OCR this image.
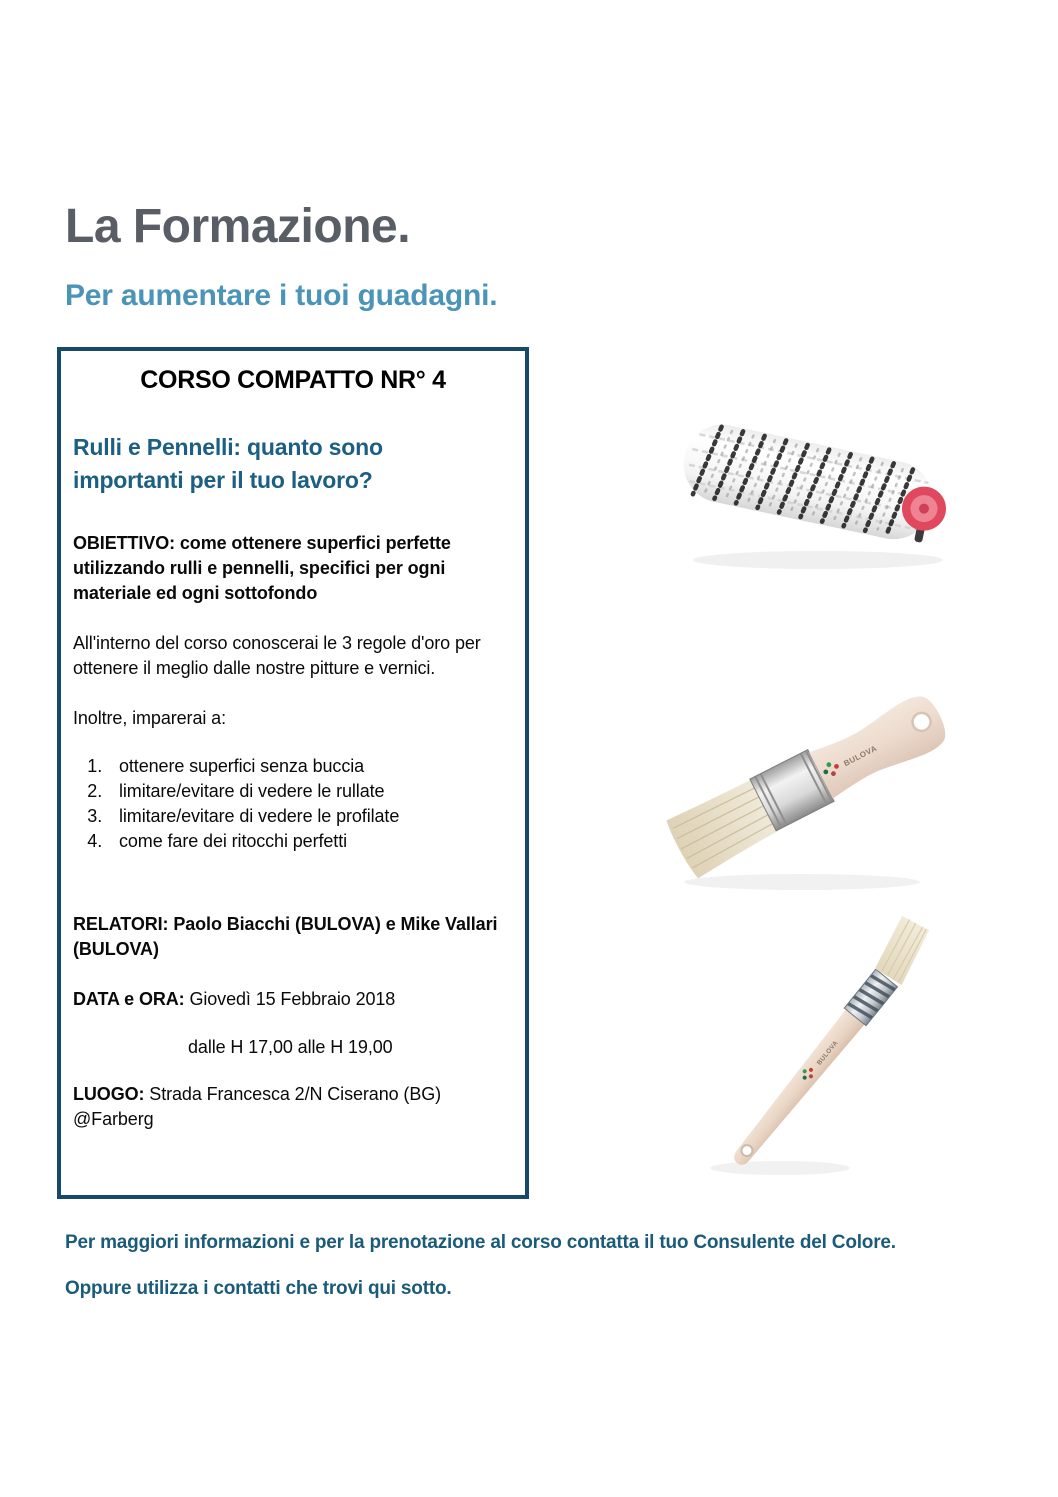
La Formazione.
Per aumentare i tuoi guadagni.
CORSO COMPATTO NR° 4
Rulli e Pennelli: quanto sono importanti per il tuo lavoro?

OBIETTIVO: come ottenere superfici perfette utilizzando rulli e pennelli, specifici per ogni materiale ed ogni sottofondo

All'interno del corso conoscerai le 3 regole d'oro per ottenere il meglio dalle nostre pitture e vernici.

Inoltre, imparerai a:

1. ottenere superfici senza buccia
2. limitare/evitare di vedere le rullate
3. limitare/evitare di vedere le profilate
4. come fare dei ritocchi perfetti

RELATORI: Paolo Biacchi (BULOVA) e Mike Vallari (BULOVA)

DATA e ORA: Giovedì 15 Febbraio 2018

dalle H 17,00 alle H 19,00

LUOGO: Strada Francesca 2/N Ciserano (BG) @Farberg

BULOVA
BULOVA

Per maggiori informazioni e per la prenotazione al corso contatta il tuo Consulente del Colore.

Oppure utilizza i contatti che trovi qui sotto.
